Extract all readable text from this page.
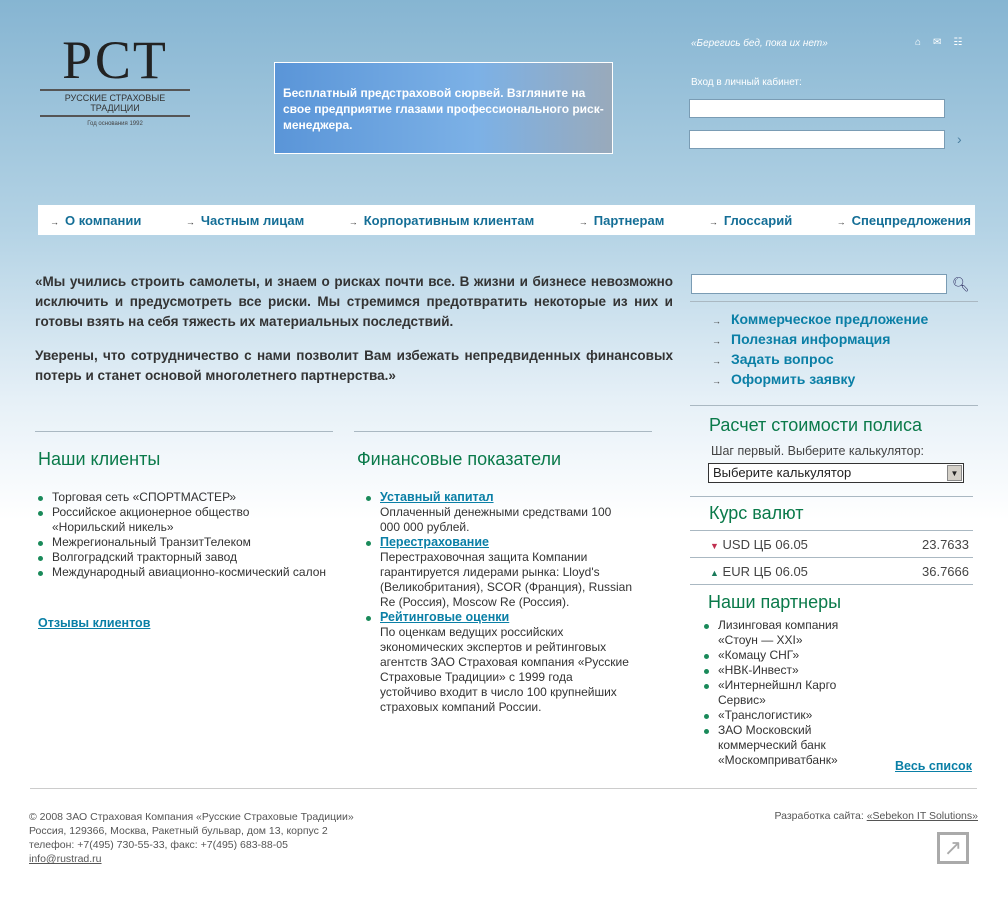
РСТ
РУССКИЕ СТРАХОВЫЕ ТРАДИЦИИ
Год основания 1992
Бесплатный предстраховой сюрвей. Взгляните на свое предприятие глазами профессионального риск-менеджера.
«Берегись бед, пока их нет»	⌂✉☷
Вход в личный кабинет:
›
→ О компании	→ Частным лицам	→ Корпоративным клиентам	→ Партнерам	→ Глоссарий	→ Спецпредложения

«Мы учились строить самолеты, и знаем о рисках почти все. В жизни и бизнесе невозможно исключить и предусмотреть все риски. Мы стремимся предотвратить некоторые из них и готовы взять на себя тяжесть их материальных последствий.

Уверены, что сотрудничество с нами позволит Вам избежать непредвиденных финансовых потерь и станет основой многолетнего партнерства.»

🔍︎
→ Коммерческое предложение
→ Полезная информация
→ Задать вопрос
→ Оформить заявку
Наши клиенты
Торговая сеть «СПОРТМАСТЕР»
Российское акционерное общество «Норильский никель»
Межрегиональный ТранзитТелеком
Волгоградский тракторный завод
Международный авиационно-космический салон
Отзывы клиентов
Финансовые показатели
Уставный капитал
Оплаченный денежными средствами 100 000 000 рублей.
Перестрахование
Перестраховочная защита Компании гарантируется лидерами рынка: Lloyd's (Великобритания), SCOR (Франция), Russian Re (Россия), Moscow Re (Россия).
Рейтинговые оценки
По оценкам ведущих российских экономических экспертов и рейтинговых агентств ЗАО Страховая компания «Русские Страховые Традиции» с 1999 года устойчиво входит в число 100 крупнейших страховых компаний России.
Расчет стоимости полиса
Шаг первый. Выберите калькулятор:
Выберите калькулятор	▼
Курс валют
▼ USD ЦБ 06.05	23.7633
▲ EUR ЦБ 06.05	36.7666
Наши партнеры
Лизинговая компания «Стоун — XXI»
«Комацу СНГ»
«НВК-Инвест»
«Интернейшнл Карго Сервис»
«Транслогистик»
ЗАО Московский коммерческий банк «Москомприватбанк»	Весь список
© 2008 ЗАО Страховая Компания «Русские Страховые Традиции»
Россия, 129366, Москва, Ракетный бульвар, дом 13, корпус 2
телефон: +7(495) 730-55-33, факс: +7(495) 683-88-05
info@rustrad.ru
Разработка сайта: «Sebekon IT Solutions»
↗
